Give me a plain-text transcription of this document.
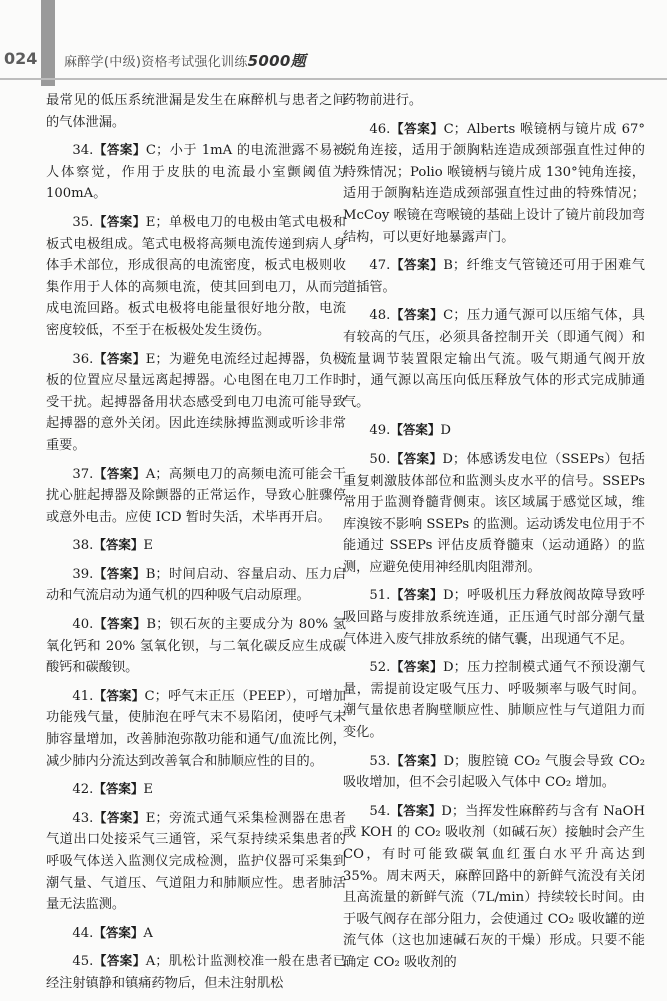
024 麻醉学(中级)资格考试强化训练5000题

最常见的低压系统泄漏是发生在麻醉机与患者之间的气体泄漏。

34.【答案】C；小于 1mA 的电流泄露不易被人体察觉，作用于皮肤的电流最小室颤阈值为 100mA。

35.【答案】E；单极电刀的电极由笔式电极和板式电极组成。笔式电极将高频电流传递到病人身体手术部位，形成很高的电流密度，板式电极则收集作用于人体的高频电流，使其回到电刀，从而完成电流回路。板式电极将电能量很好地分散，电流密度较低，不至于在板极处发生烫伤。

36.【答案】E；为避免电流经过起搏器，负极板的位置应尽量远离起搏器。心电图在电刀工作时受干扰。起搏器备用状态感受到电刀电流可能导致起搏器的意外关闭。因此连续脉搏监测或听诊非常重要。

37.【答案】A；高频电刀的高频电流可能会干扰心脏起搏器及除颤器的正常运作，导致心脏骤停或意外电击。应使 ICD 暂时失活，术毕再开启。

38.【答案】E

39.【答案】B；时间启动、容量启动、压力启动和气流启动为通气机的四种吸气启动原理。

40.【答案】B；钡石灰的主要成分为 80% 氢氧化钙和 20% 氢氧化钡，与二氧化碳反应生成碳酸钙和碳酸钡。

41.【答案】C；呼气末正压（PEEP），可增加功能残气量，使肺泡在呼气末不易陷闭，使呼气末肺容量增加，改善肺泡弥散功能和通气/血流比例，减少肺内分流达到改善氧合和肺顺应性的目的。

42.【答案】E

43.【答案】E；旁流式通气采集检测器在患者气道出口处接采气三通管，采气泵持续采集患者的呼吸气体送入监测仪完成检测，监护仪器可采集到潮气量、气道压、气道阻力和肺顺应性。患者肺活量无法监测。

44.【答案】A

45.【答案】A；肌松计监测校准一般在患者已经注射镇静和镇痛药物后，但未注射肌松

药物前进行。

46.【答案】C；Alberts 喉镜柄与镜片成 67°锐角连接，适用于颌胸粘连造成颈部强直性过伸的特殊情况；Polio 喉镜柄与镜片成 130°钝角连接，适用于颌胸粘连造成颈部强直性过曲的特殊情况；McCoy 喉镜在弯喉镜的基础上设计了镜片前段加弯结构，可以更好地暴露声门。

47.【答案】B；纤维支气管镜还可用于困难气道插管。

48.【答案】C；压力通气源可以压缩气体，具有较高的气压，必须具备控制开关（即通气阀）和流量调节装置限定输出气流。吸气期通气阀开放时，通气源以高压向低压释放气体的形式完成肺通气。

49.【答案】D

50.【答案】D；体感诱发电位（SSEPs）包括重复刺激肢体部位和监测头皮水平的信号。SSEPs 常用于监测脊髓背侧束。该区域属于感觉区域，维库溴铵不影响 SSEPs 的监测。运动诱发电位用于不能通过 SSEPs 评估皮质脊髓束（运动通路）的监测，应避免使用神经肌肉阻滞剂。

51.【答案】D；呼吸机压力释放阀故障导致呼吸回路与废排放系统连通，正压通气时部分潮气量气体进入废气排放系统的储气囊，出现通气不足。

52.【答案】D；压力控制模式通气不预设潮气量，需提前设定吸气压力、呼吸频率与吸气时间。潮气量依患者胸壁顺应性、肺顺应性与气道阻力而变化。

53.【答案】D；腹腔镜 CO₂ 气腹会导致 CO₂ 吸收增加，但不会引起吸入气体中 CO₂ 增加。

54.【答案】D；当挥发性麻醉药与含有 NaOH 或 KOH 的 CO₂ 吸收剂（如碱石灰）接触时会产生 CO，有时可能致碳氧血红蛋白水平升高达到 35%。周末两天，麻醉回路中的新鲜气流没有关闭且高流量的新鲜气流（7L/min）持续较长时间。由于吸气阀存在部分阻力，会使通过 CO₂ 吸收罐的逆流气体（这也加速碱石灰的干燥）形成。只要不能确定 CO₂ 吸收剂的
